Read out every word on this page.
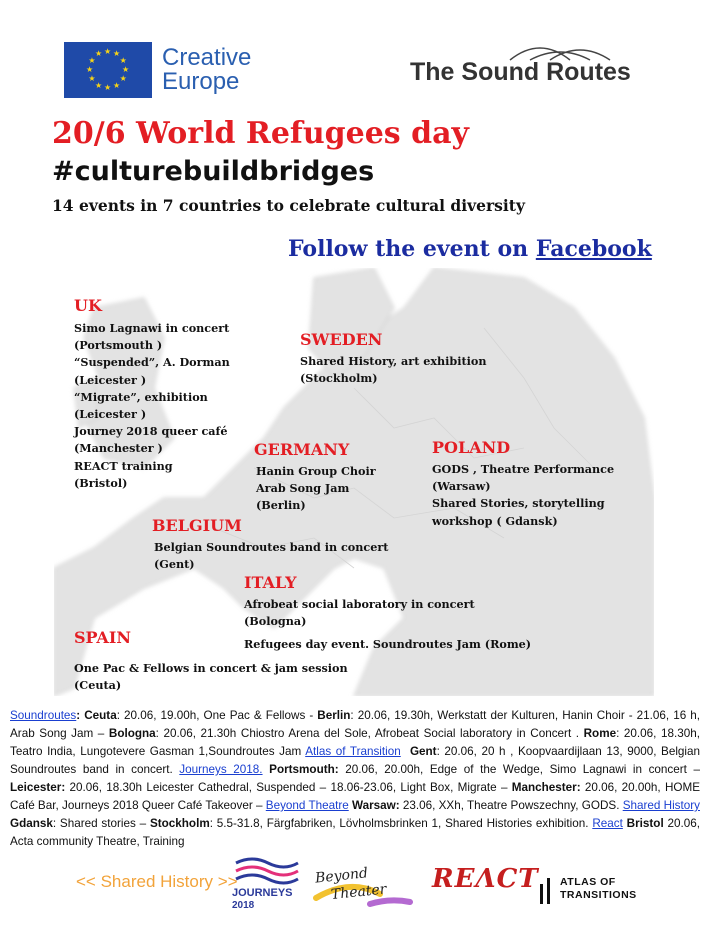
★
★
★
★
★
★
★
★
★ ★ ★
★ Creative
Europe	The Sound Routes
20/6 World Refugees day
#culturebuildbridges
14 events in 7 countries to celebrate cultural diversity
Follow the event on Facebook
UK
Simo Lagnawi in concert
(Portsmouth )
“Suspended”, A. Dorman
(Leicester )
“Migrate”, exhibition
(Leicester )
Journey 2018 queer café
(Manchester )
REACT training
(Bristol)
SWEDEN
Shared History, art exhibition
(Stockholm)
GERMANY
Hanin Group Choir
Arab Song Jam
(Berlin)
POLAND
GODS , Theatre Performance
(Warsaw)
Shared Stories, storytelling
workshop ( Gdansk)
BELGIUM
Belgian Soundroutes band in concert
(Gent)
ITALY
Afrobeat social laboratory in concert
(Bologna)
Refugees day event. Soundroutes Jam (Rome)
SPAIN
One Pac & Fellows in concert & jam session
(Ceuta)
Soundroutes: Ceuta: 20.06, 19.00h, One Pac & Fellows - Berlin: 20.06, 19.30h, Werkstatt der Kulturen, Hanin Choir - 21.06, 16 h, Arab Song Jam – Bologna: 20.06, 21.30h Chiostro Arena del Sole, Afrobeat Social laboratory in Concert . Rome: 20.06, 18.30h, Teatro India, Lungotevere Gasman 1,Soundroutes Jam Atlas of Transition Gent: 20.06, 20 h , Koopvaardijlaan 13, 9000, Belgian Soundroutes band in concert. Journeys 2018. Portsmouth: 20.06, 20.00h, Edge of the Wedge, Simo Lagnawi in concert – Leicester: 20.06, 18.30h Leicester Cathedral, Suspended – 18.06-23.06, Light Box, Migrate – Manchester: 20.06, 20.00h, HOME Café Bar, Journeys 2018 Queer Café Takeover – Beyond Theatre Warsaw: 23.06, XXh, Theatre Powszechny, GODS. Shared History Gdansk: Shared stories – Stockholm: 5.5-31.8, Färgfabriken, Lövholmsbrinken 1, Shared Histories exhibition. React Bristol 20.06, Acta community Theatre, Training
<< Shared History >>
JOURNEYS
2018
Beyond
Theater REΛCT ATLAS OF
TRANSITIONS
